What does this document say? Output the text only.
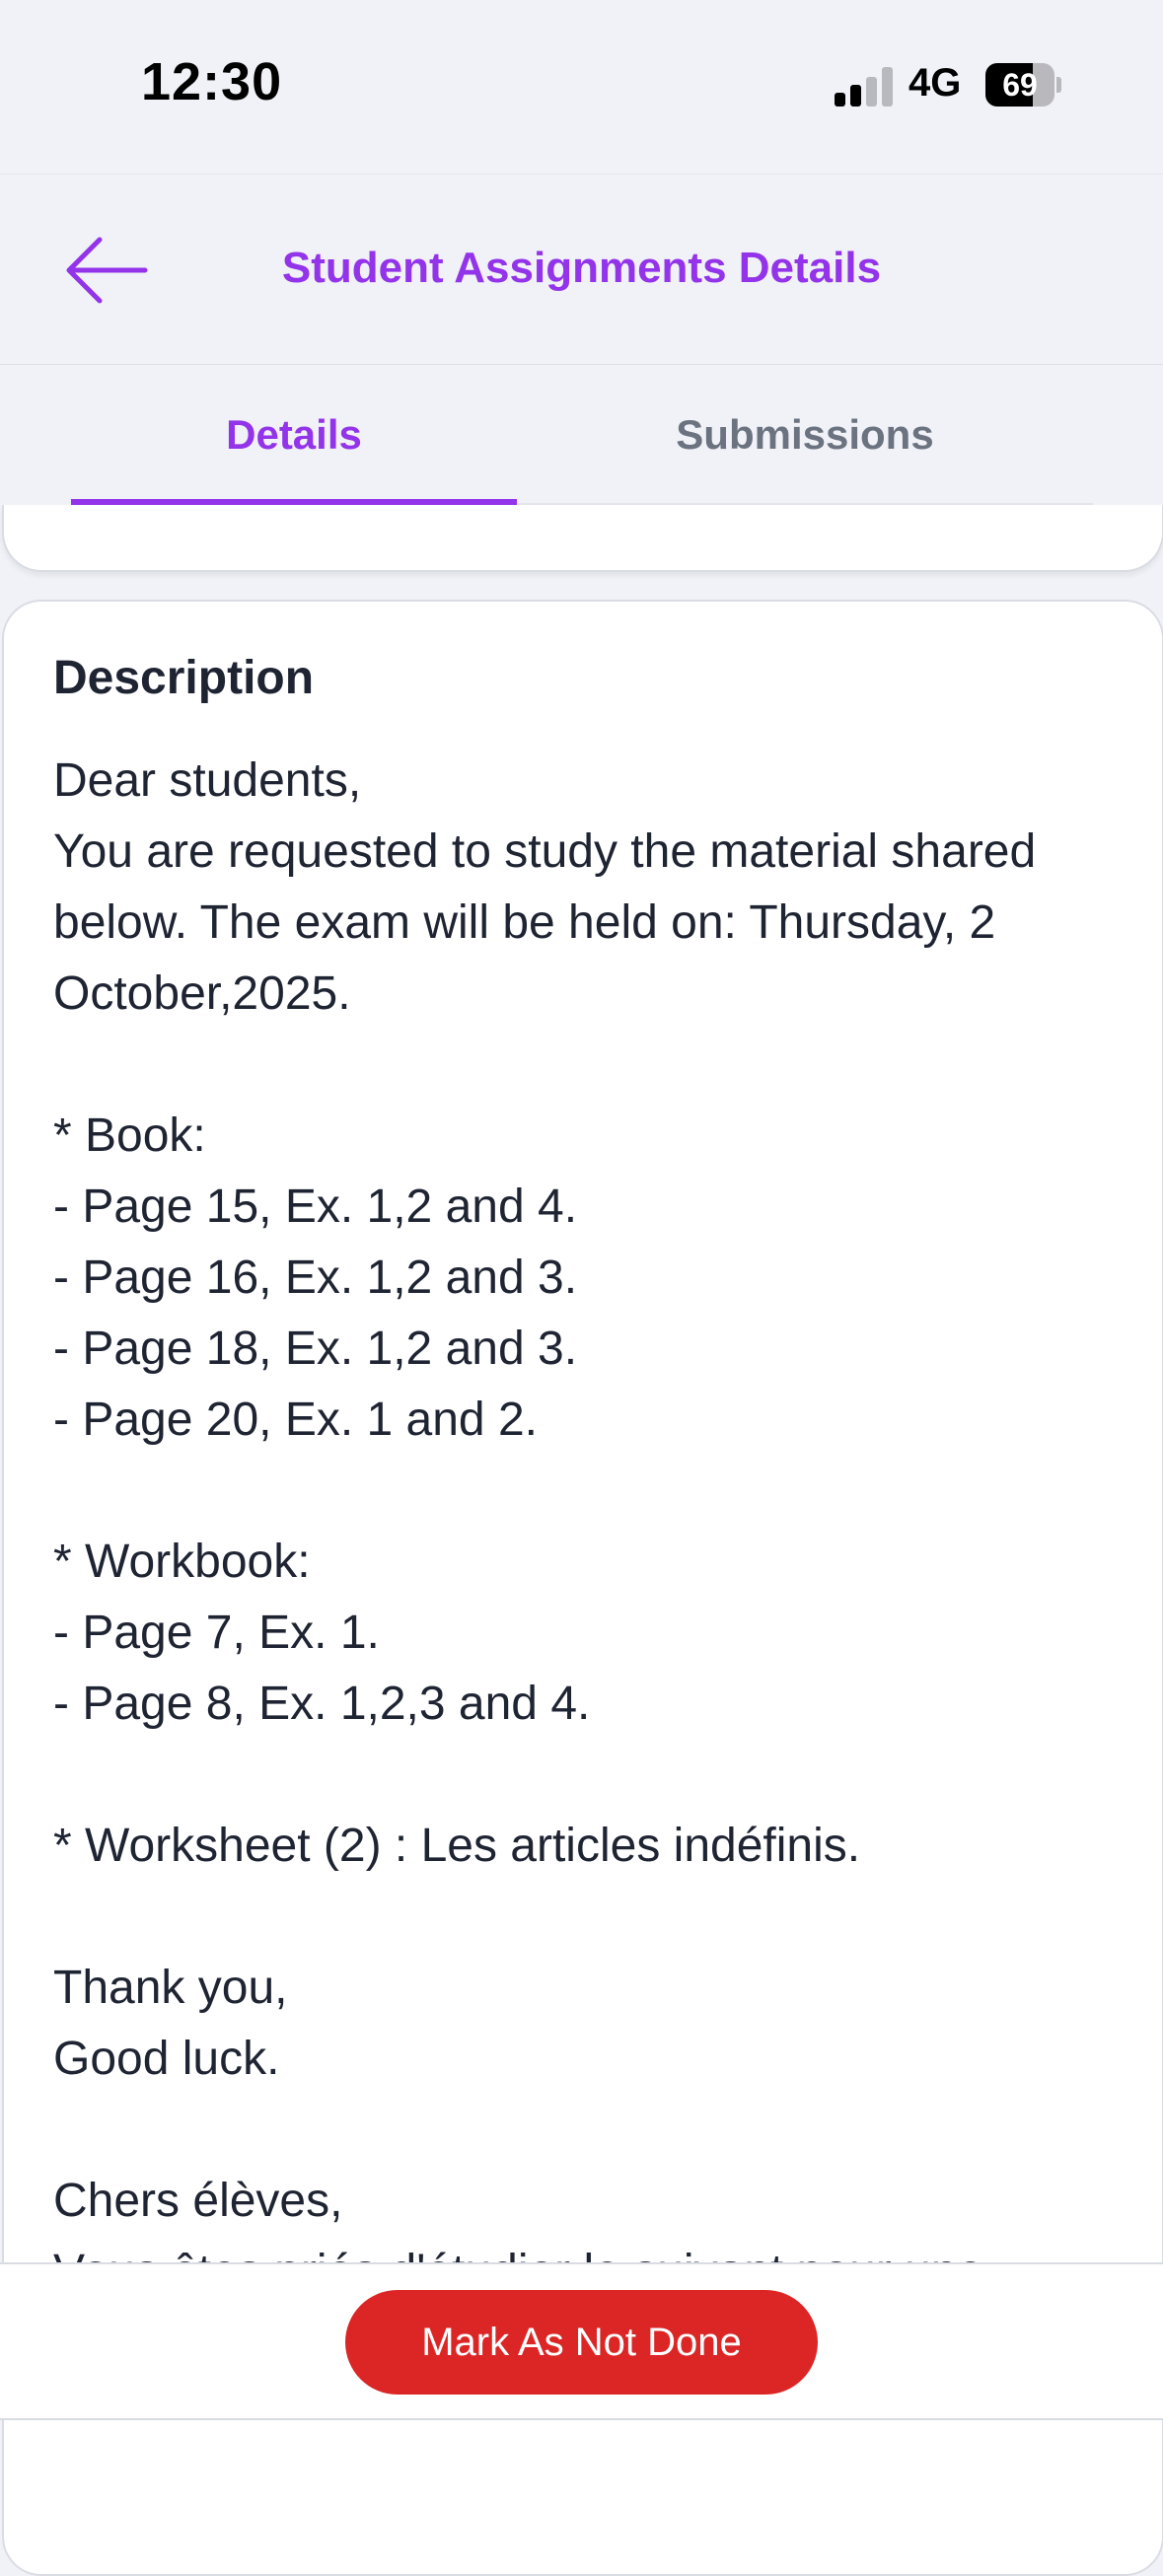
12:30	4G	69
Student Assignments Details
Details	Submissions
Description

Dear students,
You are requested to study the material shared below. The exam will be held on: Thursday, 2 October,2025.

* Book:
- Page 15, Ex. 1,2 and 4.
- Page 16, Ex. 1,2 and 3.
- Page 18, Ex. 1,2 and 3.
- Page 20, Ex. 1 and 2.

* Workbook:
- Page 7, Ex. 1.
- Page 8, Ex. 1,2,3 and 4.

* Worksheet (2) : Les articles indéfinis.

Thank you,
Good luck.

Chers élèves,

Mark As Not Done
